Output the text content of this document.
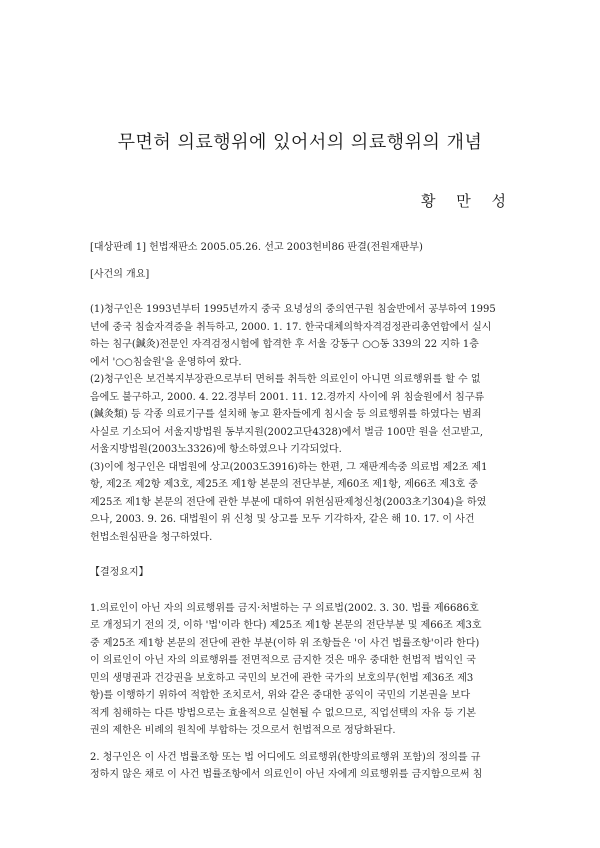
무면허 의료행위에 있어서의 의료행위의 개념
황 만 성
[대상판례 1] 헌법재판소 2005.05.26. 선고 2003헌비86 판결(전원재판부)
[사건의 개요]
(1)청구인은 1993년부터 1995년까지 중국 요녕성의 중의연구원 침술반에서 공부하여 1995
년에 중국 침술자격증을 취득하고, 2000. 1. 17. 한국대체의학자격검정관리총연합에서 실시
하는 침구(鍼灸)전문인 자격검정시험에 합격한 후 서울 강동구 ○○동 339의 22 지하 1층
에서 '○○침술원'을 운영하여 왔다.
(2)청구인은 보건복지부장관으로부터 면허를 취득한 의료인이 아니면 의료행위를 할 수 없
음에도 불구하고, 2000. 4. 22.경부터 2001. 11. 12.경까지 사이에 위 침술원에서 침구류
(鍼灸類) 등 각종 의료기구를 설치해 놓고 환자들에게 침시술 등 의료행위를 하였다는 범죄
사실로 기소되어 서울지방법원 동부지원(2002고단4328)에서 벌금 100만 원을 선고받고,
서울지방법원(2003노3326)에 항소하였으나 기각되었다.
(3)이에 청구인은 대법원에 상고(2003도3916)하는 한편, 그 재판계속중 의료법 제2조 제1
항, 제2조 제2항 제3호, 제25조 제1항 본문의 전단부분, 제60조 제1항, 제66조 제3호 중
제25조 제1항 본문의 전단에 관한 부분에 대하여 위헌심판제청신청(2003초기304)을 하였
으나, 2003. 9. 26. 대법원이 위 신청 및 상고를 모두 기각하자, 같은 해 10. 17. 이 사건
헌법소원심판을 청구하였다.
【결정요지】
1.의료인이 아닌 자의 의료행위를 금지·처벌하는 구 의료법(2002. 3. 30. 법률 제6686호
로 개정되기 전의 것, 이하 '법'이라 한다) 제25조 제1항 본문의 전단부분 및 제66조 제3호
중 제25조 제1항 본문의 전단에 관한 부분(이하 위 조항들은 '이 사건 법률조항'이라 한다)
이 의료인이 아닌 자의 의료행위를 전면적으로 금지한 것은 매우 중대한 헌법적 법익인 국
민의 생명권과 건강권을 보호하고 국민의 보건에 관한 국가의 보호의무(헌법 제36조 제3
항)를 이행하기 위하여 적합한 조치로서, 위와 같은 중대한 공익이 국민의 기본권을 보다
적게 침해하는 다른 방법으로는 효율적으로 실현될 수 없으므로, 직업선택의 자유 등 기본
권의 제한은 비례의 원칙에 부합하는 것으로서 헌법적으로 정당화된다.
2. 청구인은 이 사건 법률조항 또는 법 어디에도 의료행위(한방의료행위 포함)의 정의를 규
정하지 않은 채로 이 사건 법률조항에서 의료인이 아닌 자에게 의료행위를 금지함으로써 침
